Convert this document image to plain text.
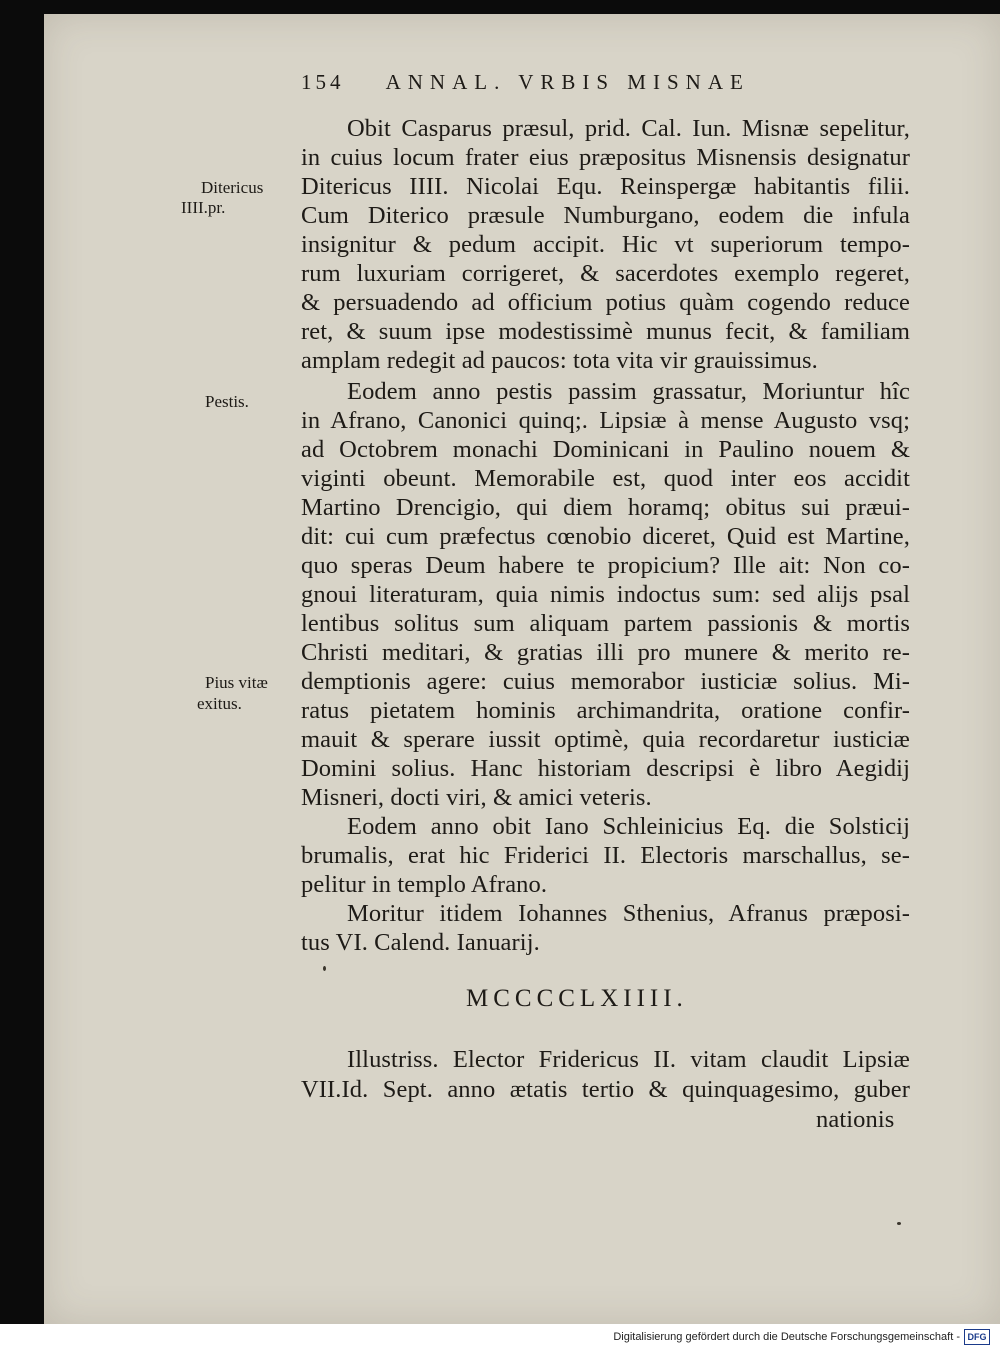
154 ANNAL. VRBIS MISNAE
Ditericus
IIII.pr.
Pestis.
Pius vitæ
exitus.
Obit Casparus præsul, prid. Cal. Iun. Misnæ sepelitur,
in cuius locum frater eius præpositus Misnensis designatur
Ditericus IIII. Nicolai Equ. Reinspergæ habitantis filii.
Cum Diterico præsule Numburgano, eodem die infula
insignitur & pedum accipit. Hic vt superiorum tempo-
rum luxuriam corrigeret, & sacerdotes exemplo regeret,
& persuadendo ad officium potius quàm cogendo reduce
ret, & suum ipse modestissimè munus fecit, & familiam
amplam redegit ad paucos: tota vita vir grauissimus.
Eodem anno pestis passim grassatur, Moriuntur hîc
in Afrano, Canonici quinq;. Lipsiæ à mense Augusto vsq;
ad Octobrem monachi Dominicani in Paulino nouem &
viginti obeunt. Memorabile est, quod inter eos accidit
Martino Drencigio, qui diem horamq; obitus sui præui-
dit: cui cum præfectus cœnobio diceret, Quid est Martine,
quo speras Deum habere te propicium? Ille ait: Non co-
gnoui literaturam, quia nimis indoctus sum: sed alijs psal
lentibus solitus sum aliquam partem passionis & mortis
Christi meditari, & gratias illi pro munere & merito re-
demptionis agere: cuius memorabor iusticiæ solius. Mi-
ratus pietatem hominis archimandrita, oratione confir-
mauit & sperare iussit optimè, quia recordaretur iusticiæ
Domini solius. Hanc historiam descripsi è libro Aegidij
Misneri, docti viri, & amici veteris.
Eodem anno obit Iano Schleinicius Eq. die Solsticij
brumalis, erat hic Friderici II. Electoris marschallus, se-
pelitur in templo Afrano.
Moritur itidem Iohannes Sthenius, Afranus præposi-
tus VI. Calend. Ianuarij.
MCCCCLXIIII.
Illustriss. Elector Fridericus II. vitam claudit Lipsiæ
VII.Id. Sept. anno ætatis tertio & quinquagesimo, guber
nationis
Digitalisierung gefördert durch die Deutsche Forschungsgemeinschaft - DFG
